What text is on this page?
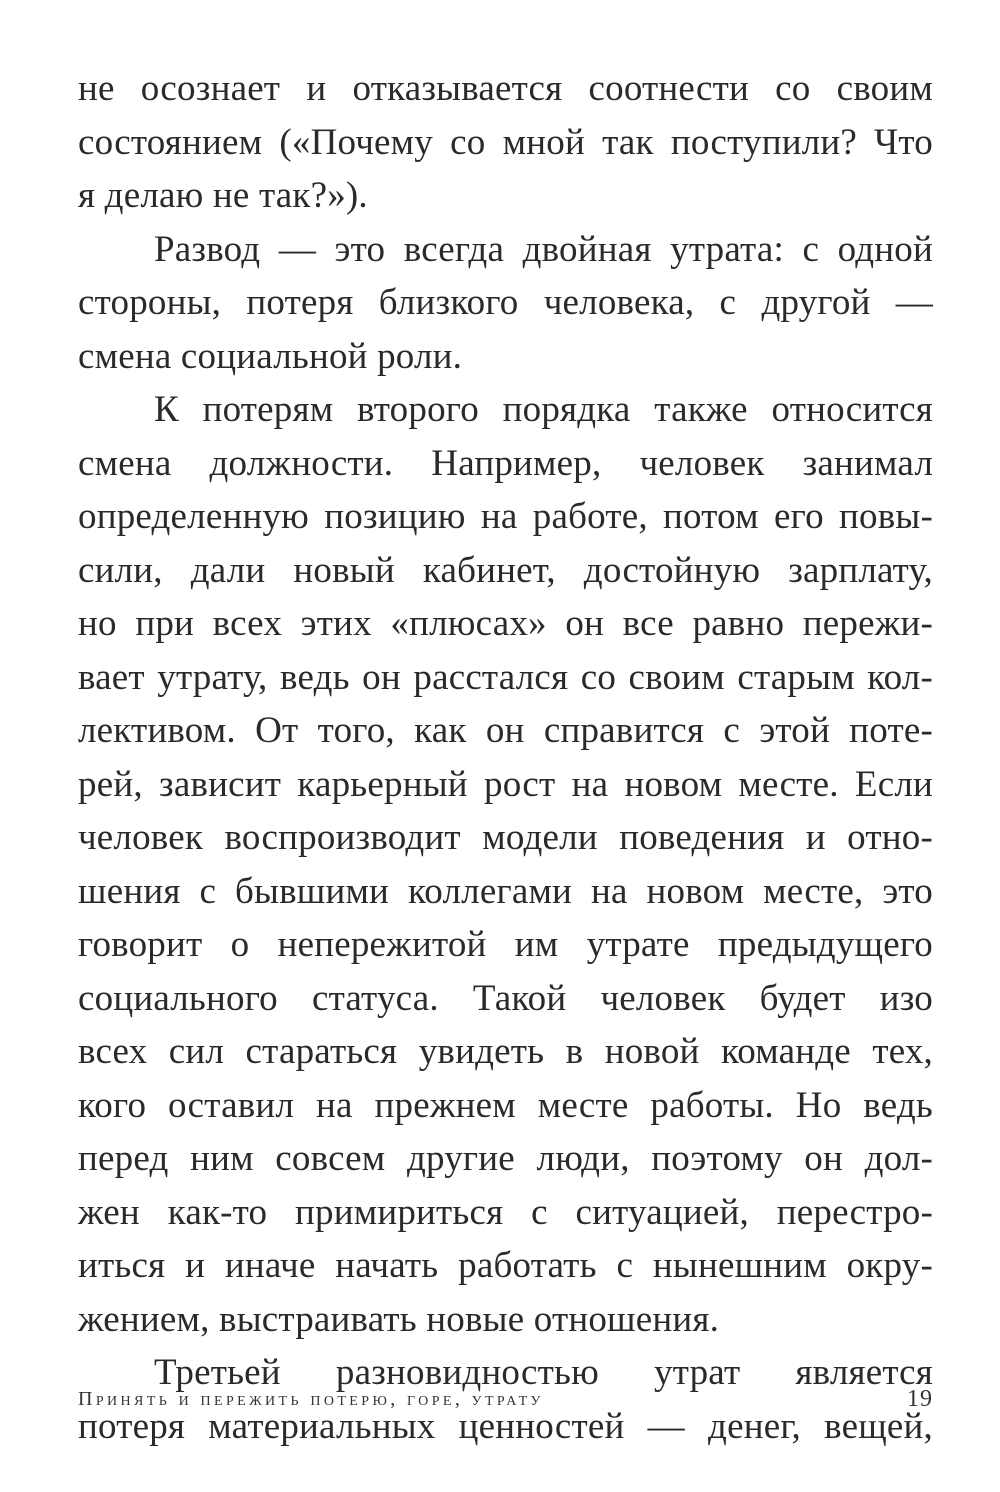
не осознает и отказывается соотнести со своим
состоянием («Почему со мной так поступили? Что
я делаю не так?»).
Развод — это всегда двойная утрата: с одной
стороны, потеря близкого человека, с другой —
смена социальной роли.
К потерям второго порядка также относится
смена должности. Например, человек занимал
определенную позицию на работе, потом его повы-
сили, дали новый кабинет, достойную зарплату,
но при всех этих «плюсах» он все равно пережи-
вает утрату, ведь он расстался со своим старым кол-
лективом. От того, как он справится с этой поте-
рей, зависит карьерный рост на новом месте. Если
человек воспроизводит модели поведения и отно-
шения с бывшими коллегами на новом месте, это
говорит о непережитой им утрате предыдущего
социального статуса. Такой человек будет изо
всех сил стараться увидеть в новой команде тех,
кого оставил на прежнем месте работы. Но ведь
перед ним совсем другие люди, поэтому он дол-
жен как-то примириться с ситуацией, перестро-
иться и иначе начать работать с нынешним окру-
жением, выстраивать новые отношения.
Третьей разновидностью утрат является
потеря материальных ценностей — денег, вещей,
Принять и пережить потерю, горе, утрату	19
